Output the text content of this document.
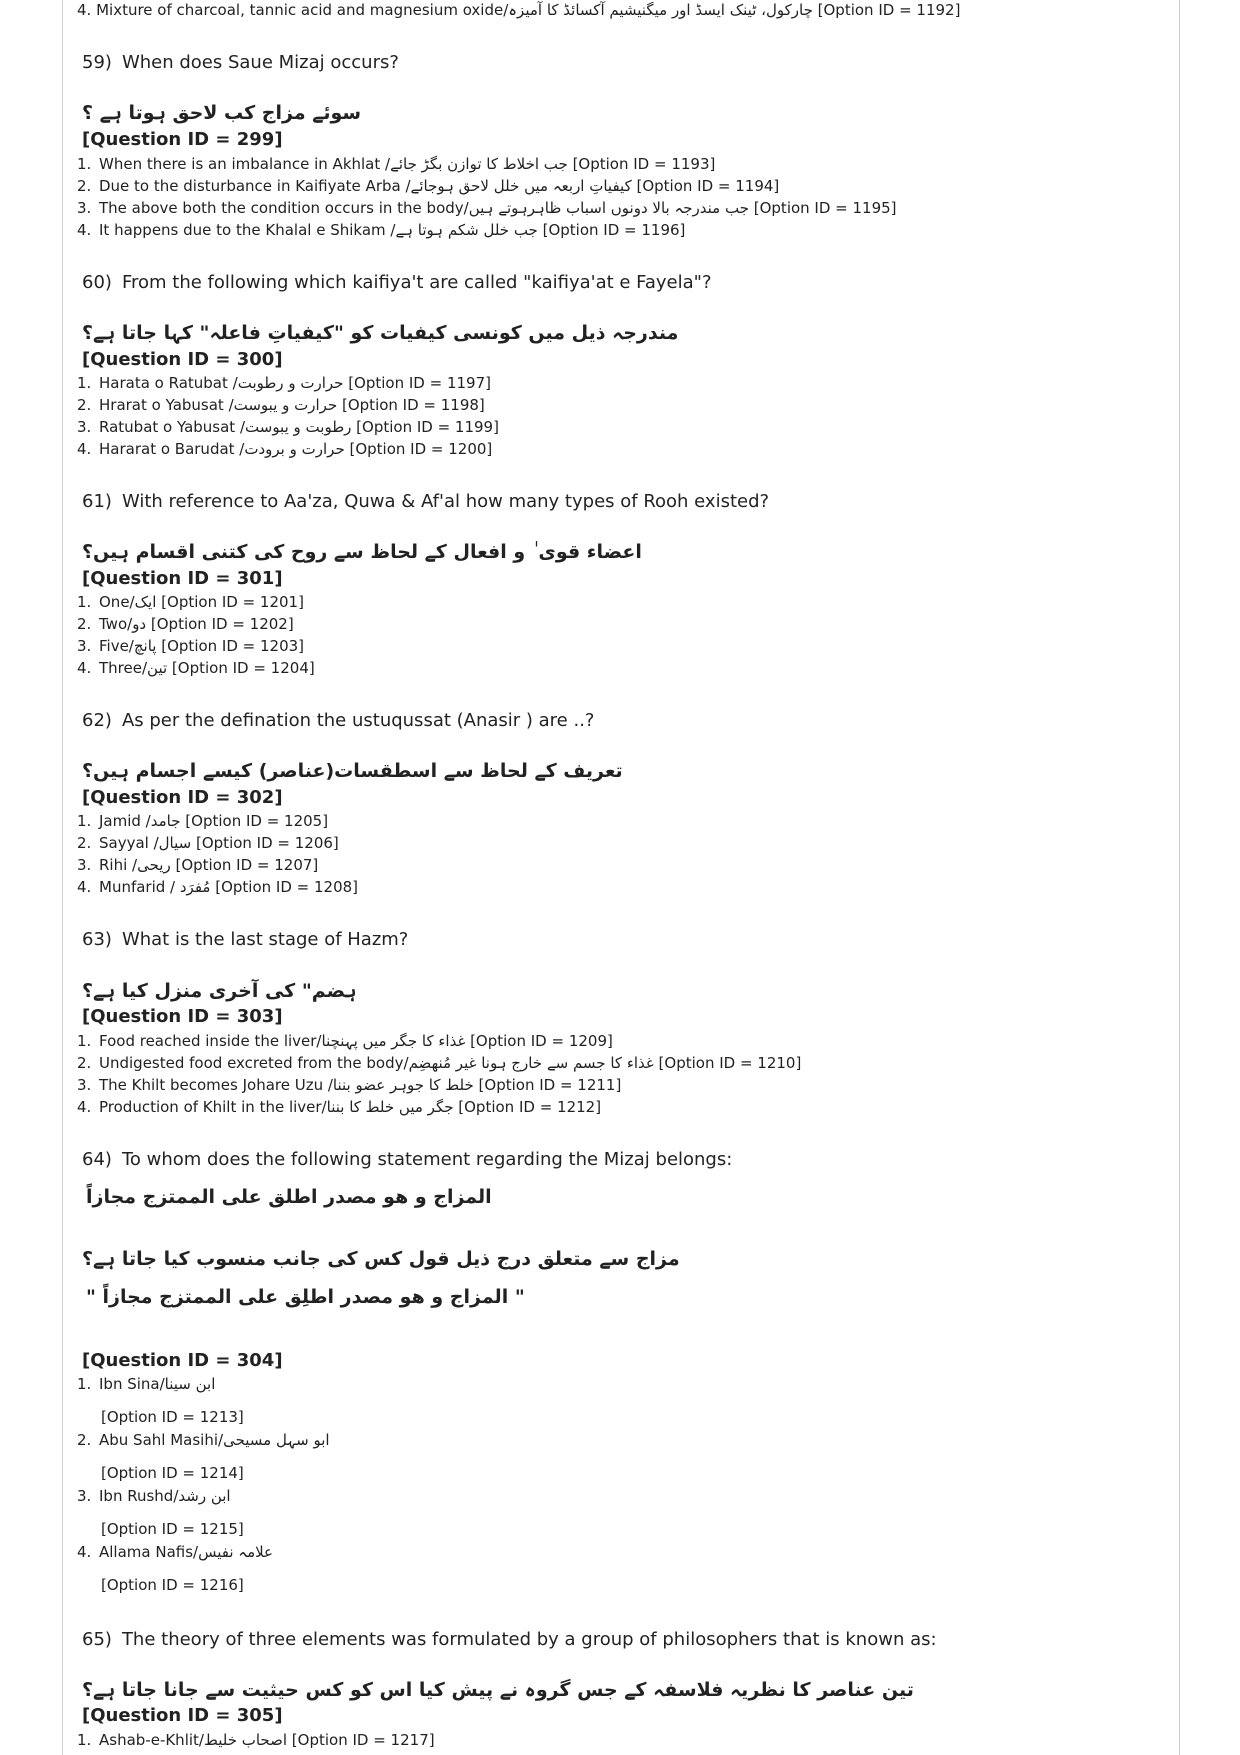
4. Mixture of charcoal, tannic acid and magnesium oxide/چارکول، ٹینک ایسڈ اور میگنیشیم آکسائڈ کا آمیزہ [Option ID = 1192]
59) When does Saue Mizaj occurs?
سوئے مزاج کب لاحق ہوتا ہے ؟
[Question ID = 299]
1. When there is an imbalance in Akhlat /جب اخلاط کا توازن بگڑ جائے [Option ID = 1193]
2. Due to the disturbance in Kaifiyate Arba /کیفیاتِ اربعہ میں خلل لاحق ہوجائے [Option ID = 1194]
3. The above both the condition occurs in the body/جب مندرجہ بالا دونوں اسباب ظاہرہوتے ہیں [Option ID = 1195]
4. It happens due to the Khalal e Shikam /جب خلل شکم ہوتا ہے [Option ID = 1196]
60) From the following which kaifiya't are called "kaifiya'at e Fayela"?
مندرجہ ذیل میں کونسی کیفیات کو "کیفیاتِ فاعلہ" کہا جاتا ہے؟
[Question ID = 300]
1. Harata o Ratubat /حرارت و رطوبت [Option ID = 1197]
2. Hrarat o Yabusat /حرارت و یبوست [Option ID = 1198]
3. Ratubat o Yabusat /رطوبت و یبوست [Option ID = 1199]
4. Hararat o Barudat /حرارت و برودت [Option ID = 1200]
61) With reference to Aa'za, Quwa & Af'al how many types of Rooh existed?
اعضاء قوی ٰ و افعال کے لحاظ سے روح کی کتنی اقسام ہیں؟
[Question ID = 301]
1. One/ایک [Option ID = 1201]
2. Two/دو [Option ID = 1202]
3. Five/پانچ [Option ID = 1203]
4. Three/تین [Option ID = 1204]
62) As per the defination the ustuqussat (Anasir ) are ..?
تعریف کے لحاظ سے اسطقسات(عناصر) کیسے اجسام ہیں؟
[Question ID = 302]
1. Jamid /جامد [Option ID = 1205]
2. Sayyal /سیال [Option ID = 1206]
3. Rihi /ریحی [Option ID = 1207]
4. Munfarid / مُفرَد [Option ID = 1208]
63) What is the last stage of Hazm?
ہضم" کی آخری منزل کیا ہے؟
[Question ID = 303]
1. Food reached inside the liver/غذاء کا جگر میں پہنچنا [Option ID = 1209]
2. Undigested food excreted from the body/غذاء کا جسم سے خارج ہونا غیر مُنھضِم [Option ID = 1210]
3. The Khilt becomes Johare Uzu /خلط کا جوہر عضو بننا [Option ID = 1211]
4. Production of Khilt in the liver/جگر میں خلط کا بننا [Option ID = 1212]
64) To whom does the following statement regarding the Mizaj belongs:
المزاج و هو مصدر اطلق على الممتزج مجازاً
مزاج سے متعلق درج ذیل قول کس کی جانب منسوب کیا جاتا ہے؟
" المزاج و هو مصدر اطلِق على الممتزج مجازاً "
[Question ID = 304]
1. Ibn Sina/ابن سینا
[Option ID = 1213]
2. Abu Sahl Masihi/ابو سہل مسیحی
[Option ID = 1214]
3. Ibn Rushd/ابن رشد
[Option ID = 1215]
4. Allama Nafis/علامہ نفیس
[Option ID = 1216]
65) The theory of three elements was formulated by a group of philosophers that is known as:
تین عناصر کا نظریہ فلاسفہ کے جس گروہ نے پیش کیا اس کو کس حیثیت سے جانا جاتا ہے؟
[Question ID = 305]
1. Ashab-e-Khlit/اصحاب خلیط [Option ID = 1217]
